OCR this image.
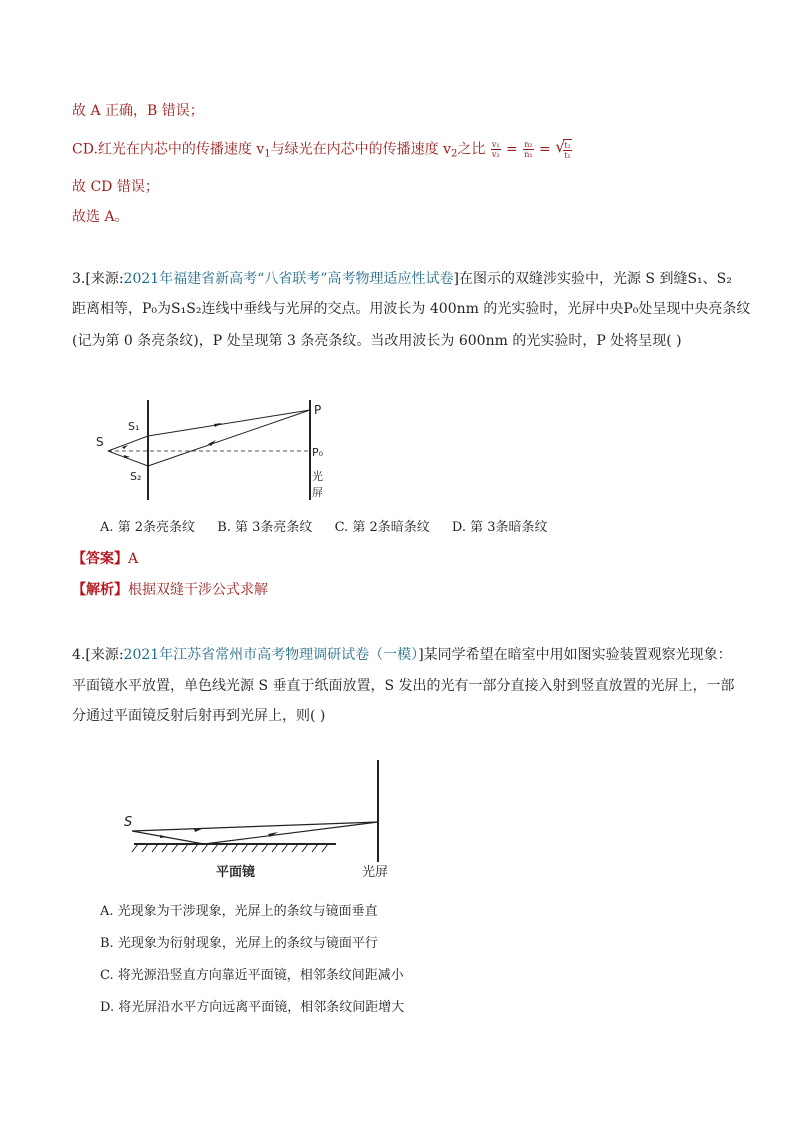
故 A 正确，B 错误；
CD.红光在内芯中的传播速度 $v_1$与绿光在内芯中的传播速度 $v_2$之比 $\frac{\text{v₁}}{\text{v₂}} = \frac{\text{n₂}}{\text{n₁}}$ = √
$\frac{\text{t₂}}{\text{t₁}}$
故 CD 错误；
故选 A。
3.[来源:2021年福建省新高考“八省联考”高考物理适应性试卷]在图示的双缝涉实验中，光源 S 到缝S₁、S₂
距离相等，P₀为S₁S₂连线中垂线与光屏的交点。用波长为 400nm 的光实验时，光屏中央P₀处呈现中央亮条纹
(记为第 0 条亮条纹)，P 处呈现第 3 条亮条纹。当改用波长为 600nm 的光实验时，P 处将呈现( )
S
S₁
S₂
P
P₀
光
屏
A. 第 2条亮条纹 B. 第 3条亮条纹 C. 第 2条暗条纹 D. 第 3条暗条纹
【答案】A
【解析】根据双缝干涉公式求解
4.[来源:2021年江苏省常州市高考物理调研试卷（一模）]某同学希望在暗室中用如图实验装置观察光现象：
平面镜水平放置，单色线光源 S 垂直于纸面放置，S 发出的光有一部分直接入射到竖直放置的光屏上，一部
分通过平面镜反射后射再到光屏上，则( )
S
平面镜	光屏
A. 光现象为干涉现象，光屏上的条纹与镜面垂直
B. 光现象为衍射现象，光屏上的条纹与镜面平行
C. 将光源沿竖直方向靠近平面镜，相邻条纹间距减小
D. 将光屏沿水平方向远离平面镜，相邻条纹间距增大
